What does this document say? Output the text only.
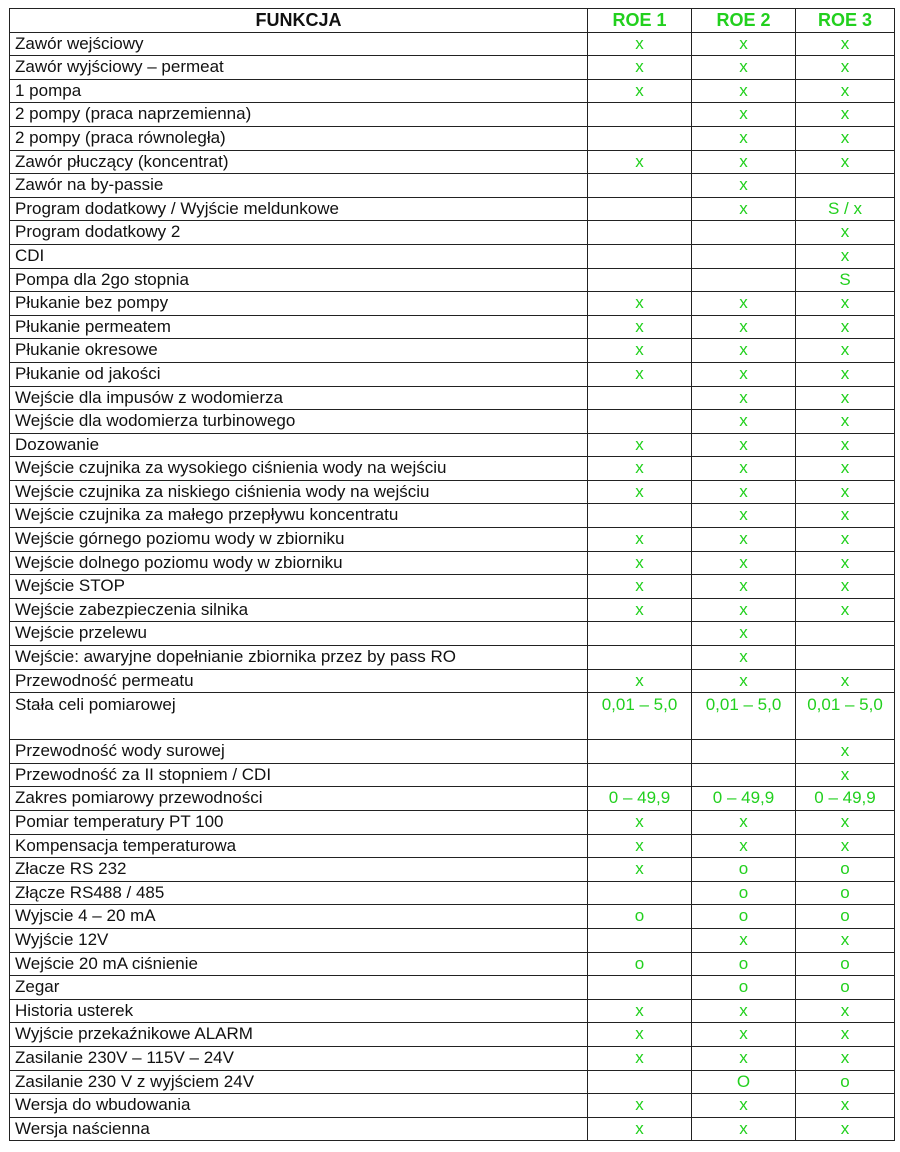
FUNKCJA	ROE 1	ROE 2	ROE 3
Zawór wejściowy	x	x	x
Zawór wyjściowy – permeat	x	x	x
1 pompa	x	x	x
2 pompy (praca naprzemienna)		x	x
2 pompy (praca równoległa)		x	x
Zawór płuczący (koncentrat)	x	x	x
Zawór na by-passie		x	
Program dodatkowy / Wyjście meldunkowe		x	S / x
Program dodatkowy 2			x
CDI			x
Pompa dla 2go stopnia			S
Płukanie bez pompy	x	x	x
Płukanie permeatem	x	x	x
Płukanie okresowe	x	x	x
Płukanie od jakości	x	x	x
Wejście dla impusów z wodomierza		x	x
Wejście dla wodomierza turbinowego		x	x
Dozowanie	x	x	x
Wejście czujnika za wysokiego ciśnienia wody na wejściu	x	x	x
Wejście czujnika za niskiego ciśnienia wody na wejściu	x	x	x
Wejście czujnika za małego przepływu koncentratu		x	x
Wejście górnego poziomu wody w zbiorniku	x	x	x
Wejście dolnego poziomu wody w zbiorniku	x	x	x
Wejście STOP	x	x	x
Wejście zabezpieczenia silnika	x	x	x
Wejście przelewu		x	
Wejście: awaryjne dopełnianie zbiornika przez by pass RO		x	
Przewodność permeatu	x	x	x
Stała celi pomiarowej	0,01 – 5,0	0,01 – 5,0	0,01 – 5,0
Przewodność wody surowej			x
Przewodność za II stopniem / CDI			x
Zakres pomiarowy przewodności	0 – 49,9	0 – 49,9	0 – 49,9
Pomiar temperatury PT 100	x	x	x
Kompensacja temperaturowa	x	x	x
Złacze RS 232	x	o	o
Złącze RS488 / 485		o	o
Wyjscie 4 – 20 mA	o	o	o
Wyjście 12V		x	x
Wejście 20 mA ciśnienie	o	o	o
Zegar		o	o
Historia usterek	x	x	x
Wyjście przekaźnikowe ALARM	x	x	x
Zasilanie 230V – 115V – 24V	x	x	x
Zasilanie 230 V z wyjściem 24V		O	o
Wersja do wbudowania	x	x	x
Wersja naścienna	x	x	x
